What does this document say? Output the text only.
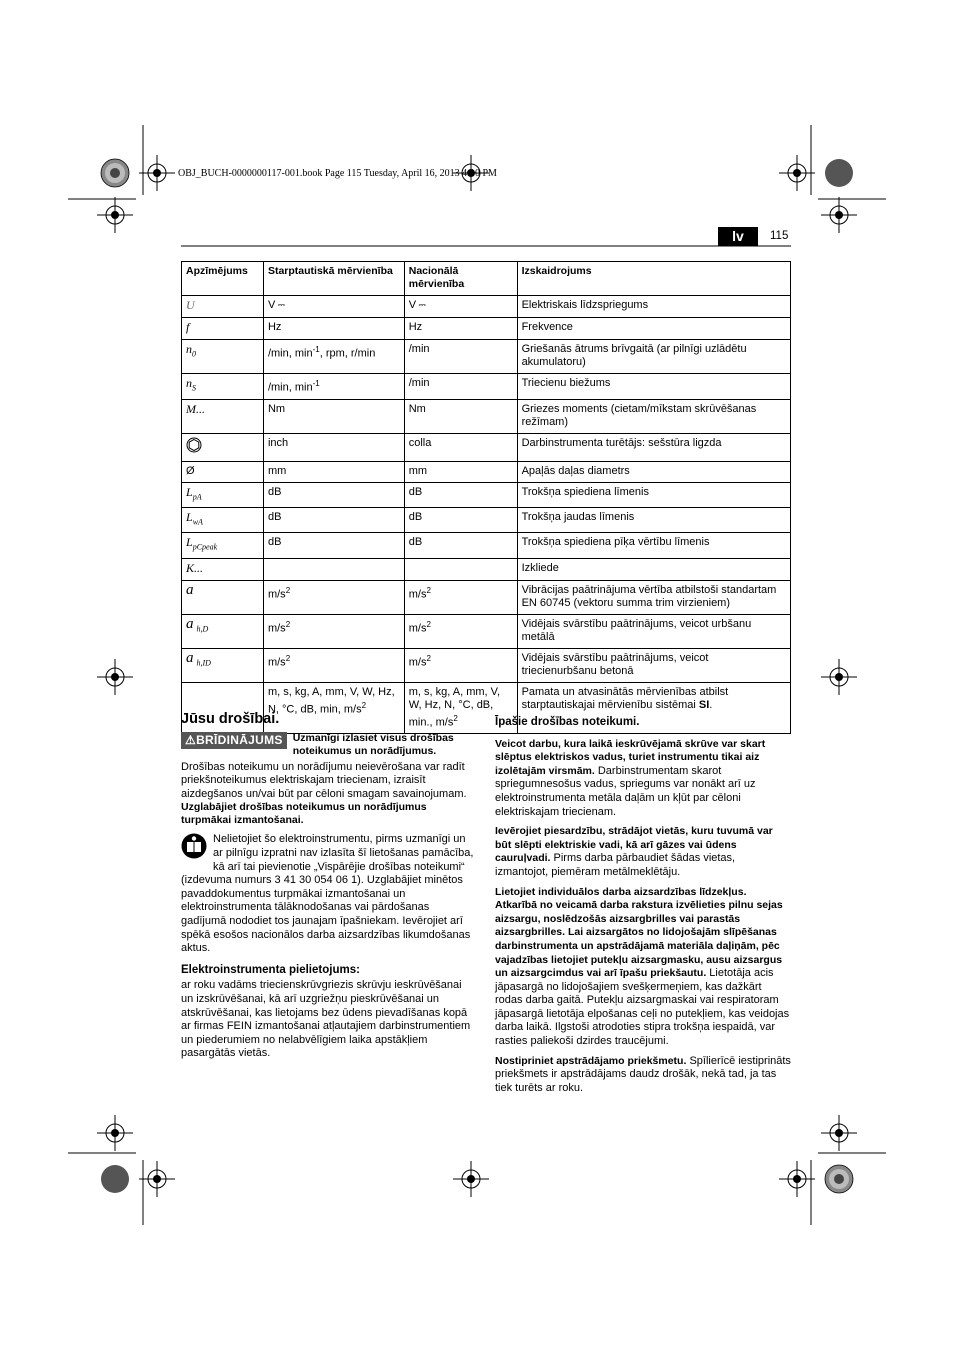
OBJ_BUCH-0000000117-001.book Page 115 Tuesday, April 16, 2013 4:10 PM
lv	115
Apzīmējums	Starptautiskā mērvienība	Nacionālā mērvienība	Izskaidrojums
U	V ⎓	V ⎓	Elektriskais līdzspriegums
f	Hz	Hz	Frekvence
$n_0$	/min, $\min^{-1}$, rpm, r/min	/min	Griešanās ātrums brīvgaitā (ar pilnīgi uzlādētu akumulatoru)
$n_S$	/min, $\min^{-1}$	/min	Triecienu biežums
M...	Nm	Nm	Griezes moments (cietam/mīkstam skrūvēšanas režīmam)
	inch	colla	Darbinstrumenta turētājs: sešstūra ligzda
Ø	mm	mm	Apaļās daļas diametrs
$L_{pA}$	dB	dB	Trokšņa spiediena līmenis
$L_{wA}$	dB	dB	Trokšņa jaudas līmenis
$L_{pCpeak}$	dB	dB	Trokšņa spiediena pīķa vērtību līmenis
K...			Izkliede
a	$m/s^2$	$m/s^2$	Vibrācijas paātrinājuma vērtība atbilstoši standartam EN 60745 (vektoru summa trim virzieniem)
a $_{h,D}$	$m/s^2$	$m/s^2$	Vidējais svārstību paātrinājums, veicot urbšanu metālā
a $_{h,ID}$	$m/s^2$	$m/s^2$	Vidējais svārstību paātrinājums, veicot triecienurbšanu betonā
	m, s, kg, A, mm, V, W, Hz, N, °C, dB, min, $m/s^2$	m, s, kg, A, mm, V, W, Hz, N, °C, dB, min., $m/s^2$	Pamata un atvasinātās mērvienības atbilst starptautiskajai mērvienību sistēmai SI.
Jūsu drošībai.
⚠BRĪDINĀJUMS Uzmanīgi izlasiet visus drošības noteikumus un norādījumus.

Drošības noteikumu un norādījumu neievērošana var radīt priekšnoteikumus elektriskajam triecienam, izraisīt aizdegšanos un/vai būt par cēloni smagam savainojumam.

Uzglabājiet drošības noteikumus un norādījumus turpmākai izmantošanai.

Nelietojiet šo elektroinstrumentu, pirms uzmanīgi un ar pilnīgu izpratni nav izlasīta šī lietošanas pamācība, kā arī tai pievienotie „Vispārējie drošības noteikumi“ (izdevuma numurs 3 41 30 054 06 1). Uzglabājiet minētos pavaddokumentus turpmākai izmantošanai un elektroinstrumenta tālāknodošanas vai pārdošanas gadījumā nododiet tos jaunajam īpašniekam. Ievērojiet arī spēkā esošos nacionālos darba aizsardzības likumdošanas aktus.

Elektroinstrumenta pielietojums:

ar roku vadāms triecienskrūvgriezis skrūvju ieskrūvēšanai un izskrūvēšanai, kā arī uzgriežņu pieskrūvēšanai un atskrūvēšanai, kas lietojams bez ūdens pievadīšanas kopā ar firmas FEIN izmantošanai atļautajiem darbinstrumentiem un piederumiem no nelabvēlīgiem laika apstākļiem pasargātās vietās.

Īpašie drošības noteikumi.

Veicot darbu, kura laikā ieskrūvējamā skrūve var skart slēptus elektriskos vadus, turiet instrumentu tikai aiz izolētajām virsmām. Darbinstrumentam skarot spriegumnesošus vadus, spriegums var nonākt arī uz elektroinstrumenta metāla daļām un kļūt par cēloni elektriskajam triecienam.

Ievērojiet piesardzību, strādājot vietās, kuru tuvumā var būt slēpti elektriskie vadi, kā arī gāzes vai ūdens cauruļvadi. Pirms darba pārbaudiet šādas vietas, izmantojot, piemēram metālmeklētāju.

Lietojiet individuālos darba aizsardzības līdzekļus. Atkarībā no veicamā darba rakstura izvēlieties pilnu sejas aizsargu, noslēdzošās aizsargbrilles vai parastās aizsargbrilles. Lai aizsargātos no lidojošajām slīpēšanas darbinstrumenta un apstrādājamā materiāla daļiņām, pēc vajadzības lietojiet putekļu aizsargmasku, ausu aizsargus un aizsargcimdus vai arī īpašu priekšautu. Lietotāja acis jāpasargā no lidojošajiem svešķermeņiem, kas dažkārt rodas darba gaitā. Putekļu aizsargmaskai vai respiratoram jāpasargā lietotāja elpošanas ceļi no putekļiem, kas veidojas darba laikā. Ilgstoši atrodoties stipra trokšņa iespaidā, var rasties paliekoši dzirdes traucējumi.

Nostipriniet apstrādājamo priekšmetu. Spīlierīcē iestiprināts priekšmets ir apstrādājams daudz drošāk, nekā tad, ja tas tiek turēts ar roku.
